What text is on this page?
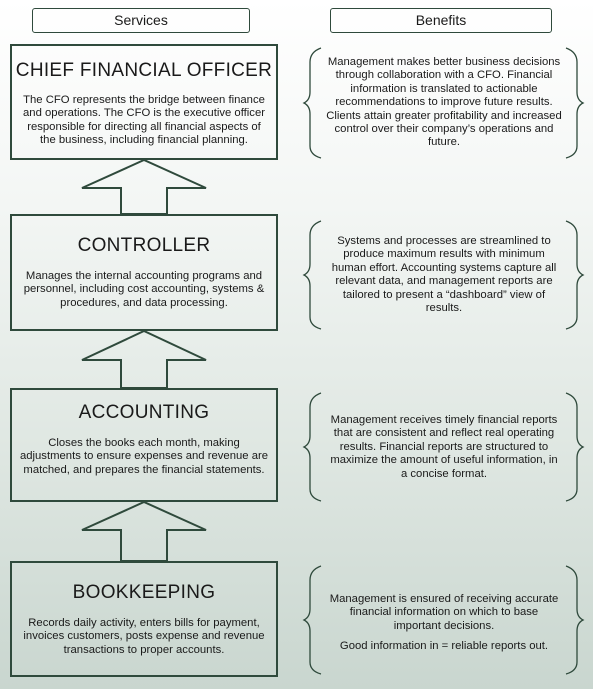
Services	Benefits
CHIEF FINANCIAL OFFICER
The CFO represents the bridge between finance and operations. The CFO is the executive officer responsible for directing all financial aspects of the business, including financial planning.
CONTROLLER
Manages the internal accounting programs and personnel, including cost accounting, systems & procedures, and data processing.
ACCOUNTING
Closes the books each month, making adjustments to ensure expenses and revenue are matched, and prepares the financial statements.
BOOKKEEPING
Records daily activity, enters bills for payment, invoices customers, posts expense and revenue transactions to proper accounts.
Management makes better business decisions through collaboration with a CFO. Financial information is translated to actionable recommendations to improve future results. Clients attain greater profitability and increased control over their company’s operations and future.
Systems and processes are streamlined to produce maximum results with minimum human effort. Accounting systems capture all relevant data, and management reports are tailored to present a “dashboard” view of results.
Management receives timely financial reports that are consistent and reflect real operating results. Financial reports are structured to maximize the amount of useful information, in a concise format.
Management is ensured of receiving accurate financial information on which to base important decisions.
Good information in = reliable reports out.
